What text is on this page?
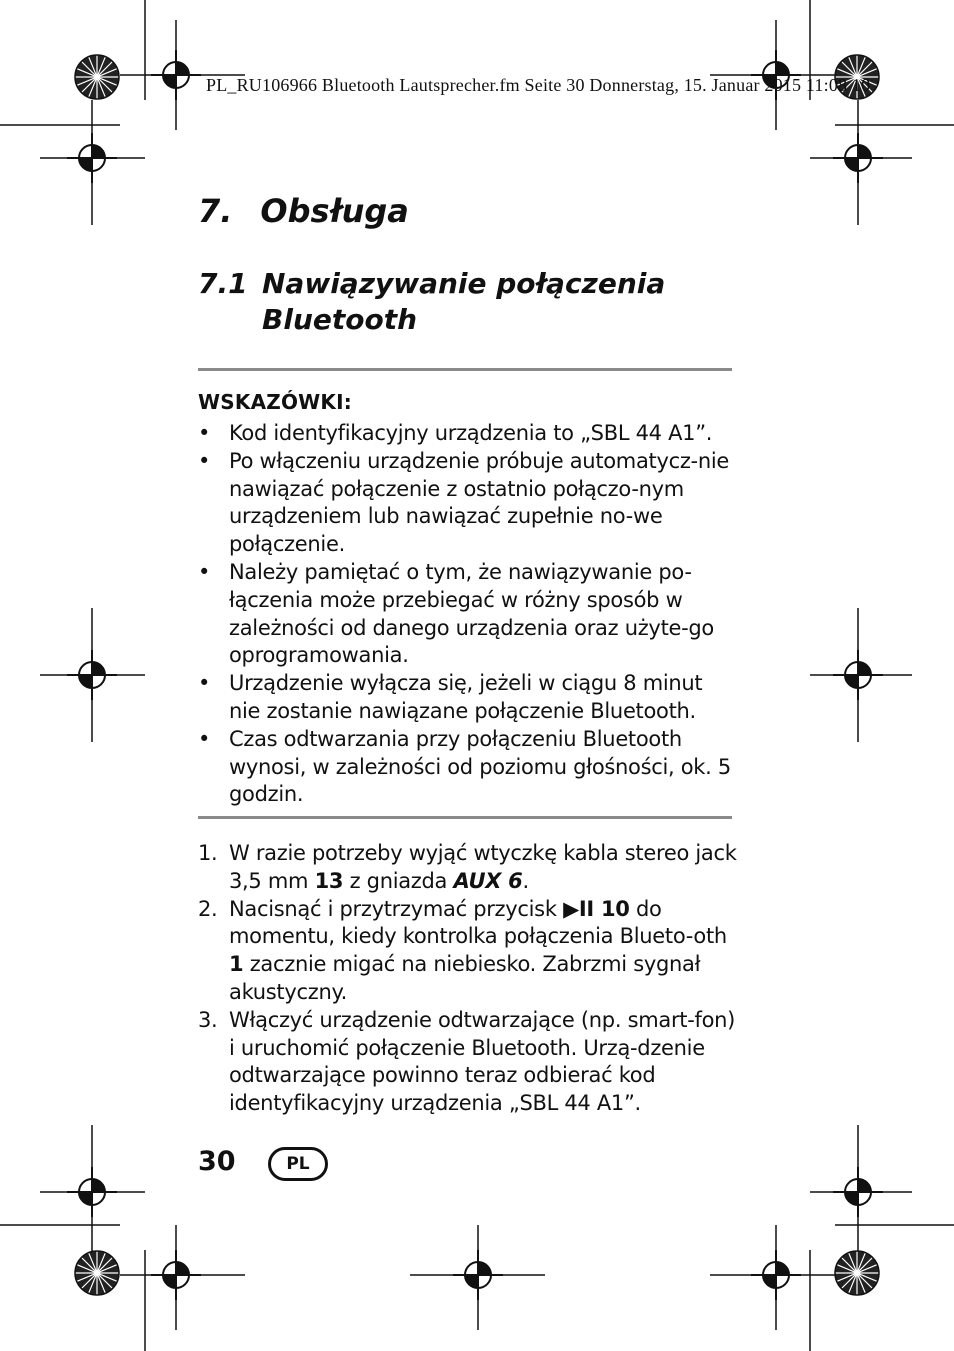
PL_RU106966 Bluetooth Lautsprecher.fm Seite 30 Donnerstag, 15. Januar 2015 11:08 10

7. Obsługa
7.1 Nawiązywanie połączenia Bluetooth

WSKAZÓWKI:

• Kod identyfikacyjny urządzenia to „SBL 44 A1”.
• Po włączeniu urządzenie próbuje automatycz-nie nawiązać połączenie z ostatnio połączo-nym urządzeniem lub nawiązać zupełnie no-we połączenie.
• Należy pamiętać o tym, że nawiązywanie po-łączenia może przebiegać w różny sposób w zależności od danego urządzenia oraz użyte-go oprogramowania.
• Urządzenie wyłącza się, jeżeli w ciągu 8 minut nie zostanie nawiązane połączenie Bluetooth.
• Czas odtwarzania przy połączeniu Bluetooth wynosi, w zależności od poziomu głośności, ok. 5 godzin.
1. W razie potrzeby wyjąć wtyczkę kabla stereo jack 3,5 mm 13 z gniazda AUX 6.
2. Nacisnąć i przytrzymać przycisk ▶II 10 do momentu, kiedy kontrolka połączenia Blueto-oth 1 zacznie migać na niebiesko. Zabrzmi sygnał akustyczny.
3. Włączyć urządzenie odtwarzające (np. smart-fon) i uruchomić połączenie Bluetooth. Urzą-dzenie odtwarzające powinno teraz odbierać kod identyfikacyjny urządzenia „SBL 44 A1”.

30	PL
